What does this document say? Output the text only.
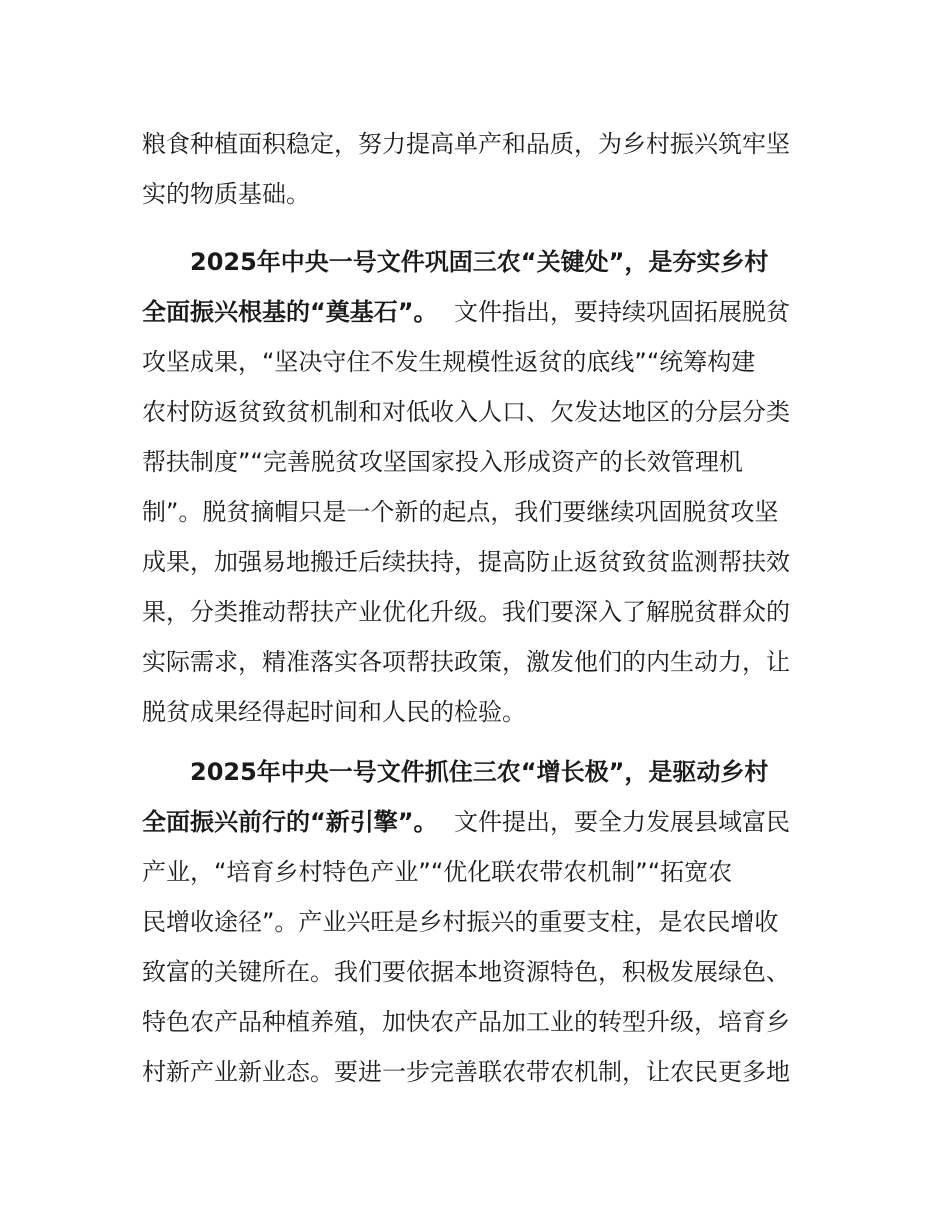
粮食种植面积稳定，努力提高单产和品质，为乡村振兴筑牢坚
实的物质基础。
2025年中央一号文件巩固三农“关键处”，是夯实乡村
全面振兴根基的“奠基石”。 文件指出，要持续巩固拓展脱贫
攻坚成果，“坚决守住不发生规模性返贫的底线”“统筹构建
农村防返贫致贫机制和对低收入人口、欠发达地区的分层分类
帮扶制度”“完善脱贫攻坚国家投入形成资产的长效管理机
制”。脱贫摘帽只是一个新的起点，我们要继续巩固脱贫攻坚
成果，加强易地搬迁后续扶持，提高防止返贫致贫监测帮扶效
果，分类推动帮扶产业优化升级。我们要深入了解脱贫群众的
实际需求，精准落实各项帮扶政策，激发他们的内生动力，让
脱贫成果经得起时间和人民的检验。
2025年中央一号文件抓住三农“增长极”，是驱动乡村
全面振兴前行的“新引擎”。 文件提出，要全力发展县域富民
产业，“培育乡村特色产业”“优化联农带农机制”“拓宽农
民增收途径”。产业兴旺是乡村振兴的重要支柱，是农民增收
致富的关键所在。我们要依据本地资源特色，积极发展绿色、
特色农产品种植养殖，加快农产品加工业的转型升级，培育乡
村新产业新业态。要进一步完善联农带农机制，让农民更多地
